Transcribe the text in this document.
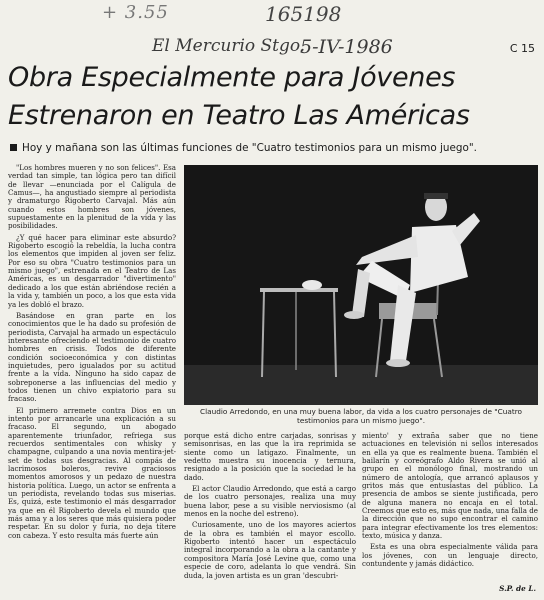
+ 3.55	165198
El Mercurio Stgo.
5-IV-1986	C 15
Obra Especialmente para Jóvenes
Estrenaron en Teatro Las Américas
Hoy y mañana son las últimas funciones de "Cuatro testimonios para un mismo juego".

"Los hombres mueren y no son felices". Esa verdad tan simple, tan lógica pero tan difícil de llevar —enunciada por el Calígula de Camus—, ha angustiado siempre al periodista y dramaturgo Rigoberto Carvajal. Más aún cuando estos hombres son jóvenes, supuestamente en la plenitud de la vida y las posibilidades.

¿Y qué hacer para eliminar este absurdo? Rigoberto escogió la rebeldía, la lucha contra los elementos que impiden al joven ser feliz. Por eso su obra "Cuatro testimonios para un mismo juego", estrenada en el Teatro de Las Américas, es un desgarrador "divertimento" dedicado a los que están abriéndose recién a la vida y, también un poco, a los que esta vida ya les dobló el brazo.

Basándose en gran parte en los conocimientos que le ha dado su profesión de periodista, Carvajal ha armado un espectáculo interesante ofreciendo el testimonio de cuatro hombres en crisis. Todos de diferente condición socioeconómica y con distintas inquietudes, pero igualados por su actitud frente a la vida. Ninguno ha sido capaz de sobreponerse a las influencias del medio y todos tienen un chivo expiatorio para su fracaso.

El primero arremete contra Dios en un intento por arrancarle una explicación a su fracaso. El segundo, un abogado aparentemente triunfador, refriega sus recuerdos sentimentales con whisky y champagne, culpando a una novia mentira-jet-set de todas sus desgracias. Al compás de lacrimosos boleros, revive graciosos momentos amorosos y un pedazo de nuestra historia política. Luego, un actor se enfrenta a un periodista, revelando todas sus miserias. Es, quizá, este testimonio el más desgarrador ya que en él Rigoberto devela el mundo que más ama y a los seres que más quisiera poder respetar. En su dolor y furia, no deja títere con cabeza. Y esto resulta más fuerte aún

Claudio Arredondo, en una muy buena labor, da vida a los cuatro personajes de "Cuatro testimonios para un mismo juego".

porque está dicho entre carjadas, sonrisas y semisonrisas, en las que la ira reprimida se siente como un latigazo. Finalmente, un vedetto muestra su inocencia y ternura, resignado a la posición que la sociedad le ha dado.

El actor Claudio Arredondo, que está a cargo de los cuatro personajes, realiza una muy buena labor, pese a su visible nerviosismo (al menos en la noche del estreno).

Curiosamente, uno de los mayores aciertos de la obra es también el mayor escollo. Rigoberto intentó hacer un espectáculo integral incorporando a la obra a la cantante y compositora María José Levine que, como una especie de coro, adelanta lo que vendrá. Sin duda, la joven artista es un gran 'descubri-

miento' y extraña saber que no tiene actuaciones en televisión ni sellos interesados en ella ya que es realmente buena. También el bailarín y coreógrafo Aldo Rivera se unió al grupo en el monólogo final, mostrando un número de antología, que arrancó aplausos y gritos más que entusiastas del público. La presencia de ambos se siente justificada, pero de alguna manera no encaja en el total. Creemos que esto es, más que nada, una falla de la dirección que no supo encontrar el camino para integrar efectivamente los tres elementos: texto, música y danza.

Esta es una obra especialmente válida para los jóvenes, con un lenguaje directo, contundente y jamás didáctico.

S.P. de L.
